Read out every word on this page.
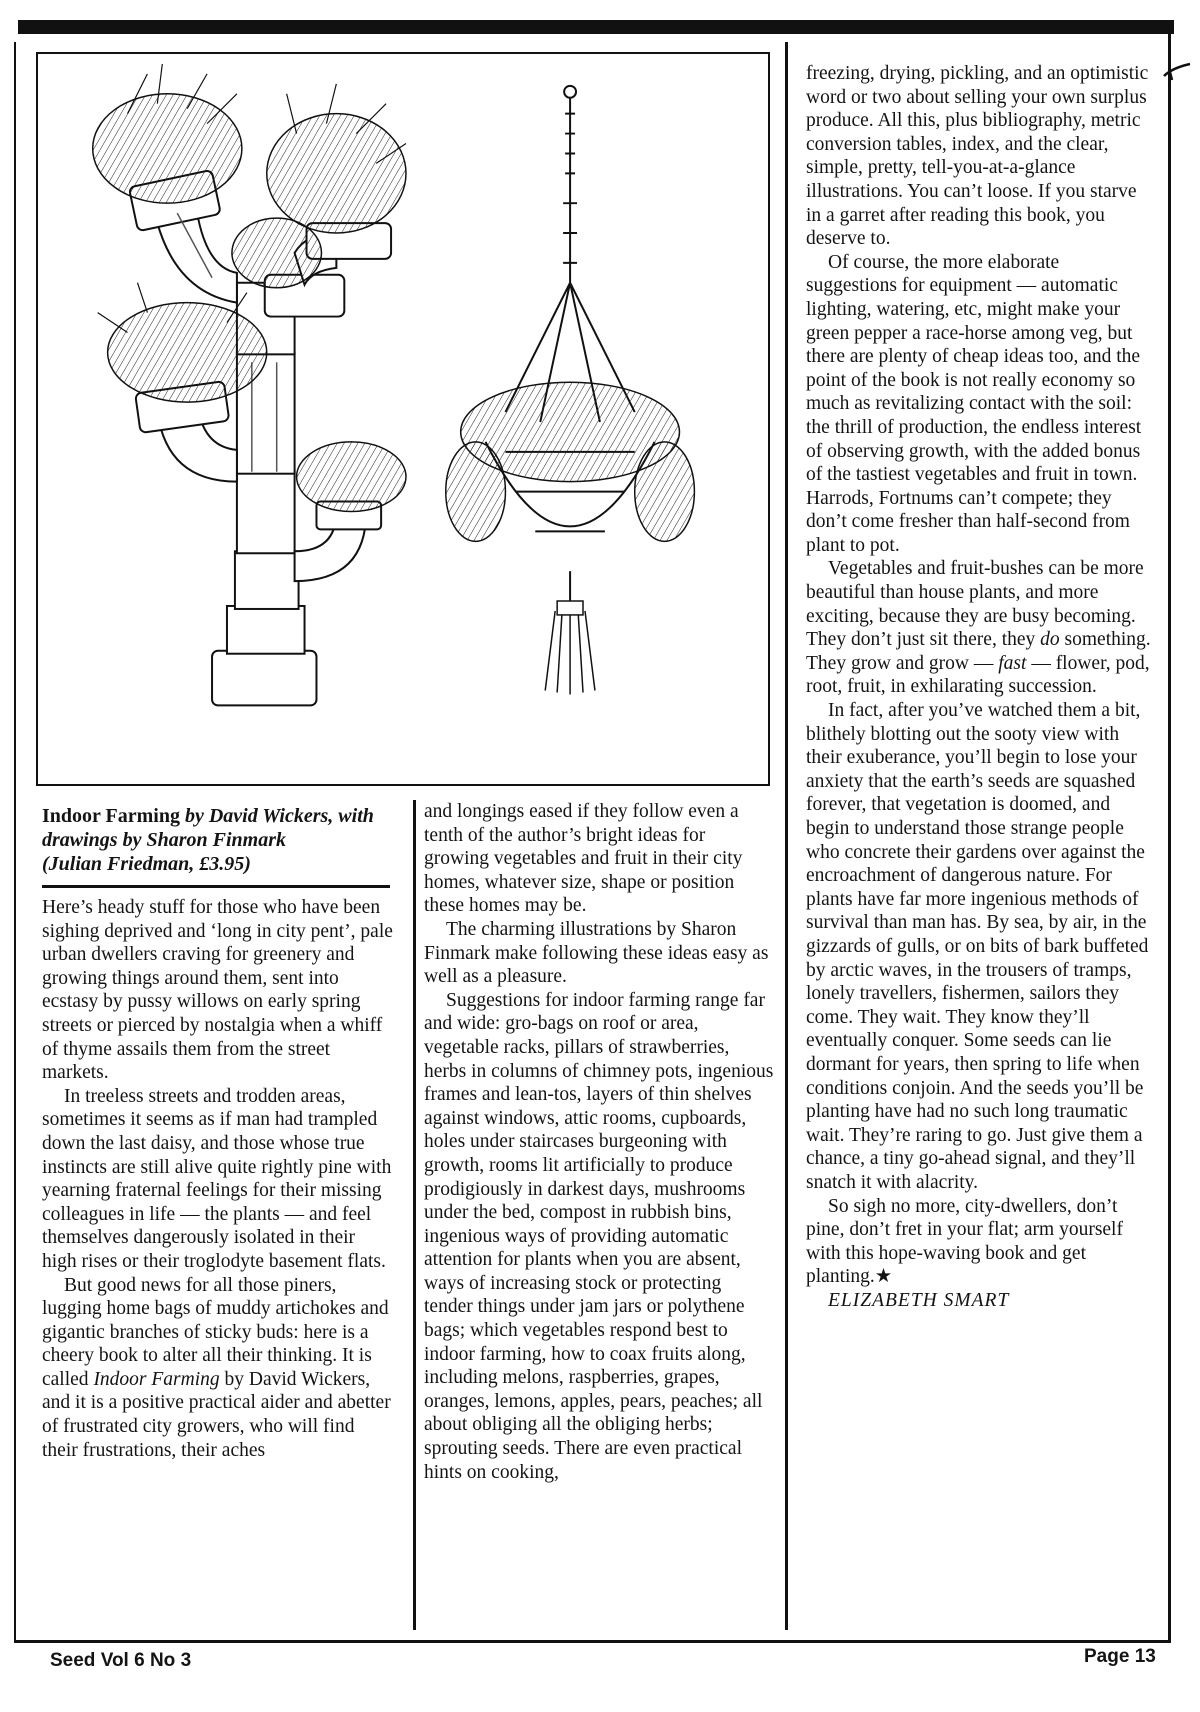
Indoor Farming by David Wickers, with drawings by Sharon Finmark
(Julian Friedman, £3.95)

Here’s heady stuff for those who have been sighing deprived and ‘long in city pent’, pale urban dwellers craving for greenery and growing things around them, sent into ecstasy by pussy willows on early spring streets or pierced by nostalgia when a whiff of thyme assails them from the street markets.

In treeless streets and trodden areas, sometimes it seems as if man had trampled down the last daisy, and those whose true instincts are still alive quite rightly pine with yearning fraternal feelings for their missing colleagues in life — the plants — and feel themselves dangerously isolated in their high rises or their troglodyte basement flats.

But good news for all those piners, lugging home bags of muddy artichokes and gigantic branches of sticky buds: here is a cheery book to alter all their thinking. It is called Indoor Farming by David Wickers, and it is a positive practical aider and abetter of frustrated city growers, who will find their frustrations, their aches

and longings eased if they follow even a tenth of the author’s bright ideas for growing vegetables and fruit in their city homes, whatever size, shape or position these homes may be.

The charming illustrations by Sharon Finmark make following these ideas easy as well as a pleasure.

Suggestions for indoor farming range far and wide: gro-bags on roof or area, vegetable racks, pillars of strawberries, herbs in columns of chimney pots, ingenious frames and lean-tos, layers of thin shelves against windows, attic rooms, cupboards, holes under staircases burgeoning with growth, rooms lit artificially to produce prodigiously in darkest days, mushrooms under the bed, compost in rubbish bins, ingenious ways of providing automatic attention for plants when you are absent, ways of increasing stock or protecting tender things under jam jars or polythene bags; which vegetables respond best to indoor farming, how to coax fruits along, including melons, raspberries, grapes, oranges, lemons, apples, pears, peaches; all about obliging all the obliging herbs; sprouting seeds. There are even practical hints on cooking,

freezing, drying, pickling, and an optimistic word or two about selling your own surplus produce. All this, plus bibliography, metric conversion tables, index, and the clear, simple, pretty, tell-you-at-a-glance illustrations. You can’t loose. If you starve in a garret after reading this book, you deserve to.

Of course, the more elaborate suggestions for equipment — automatic lighting, watering, etc, might make your green pepper a race-horse among veg, but there are plenty of cheap ideas too, and the point of the book is not really economy so much as revitalizing contact with the soil: the thrill of production, the endless interest of observing growth, with the added bonus of the tastiest vegetables and fruit in town. Harrods, Fortnums can’t compete; they don’t come fresher than half-second from plant to pot.

Vegetables and fruit-bushes can be more beautiful than house plants, and more exciting, because they are busy becoming. They don’t just sit there, they do something. They grow and grow — fast — flower, pod, root, fruit, in exhilarating succession.

In fact, after you’ve watched them a bit, blithely blotting out the sooty view with their exuberance, you’ll begin to lose your anxiety that the earth’s seeds are squashed forever, that vegetation is doomed, and begin to understand those strange people who concrete their gardens over against the encroachment of dangerous nature. For plants have far more ingenious methods of survival than man has. By sea, by air, in the gizzards of gulls, or on bits of bark buffeted by arctic waves, in the trousers of tramps, lonely travellers, fishermen, sailors they come. They wait. They know they’ll eventually conquer. Some seeds can lie dormant for years, then spring to life when conditions conjoin. And the seeds you’ll be planting have had no such long traumatic wait. They’re raring to go. Just give them a chance, a tiny go-ahead signal, and they’ll snatch it with alacrity.

So sigh no more, city-dwellers, don’t pine, don’t fret in your flat; arm yourself with this hope-waving book and get planting.★

ELIZABETH SMART

Seed Vol 6 No 3	Page 13
